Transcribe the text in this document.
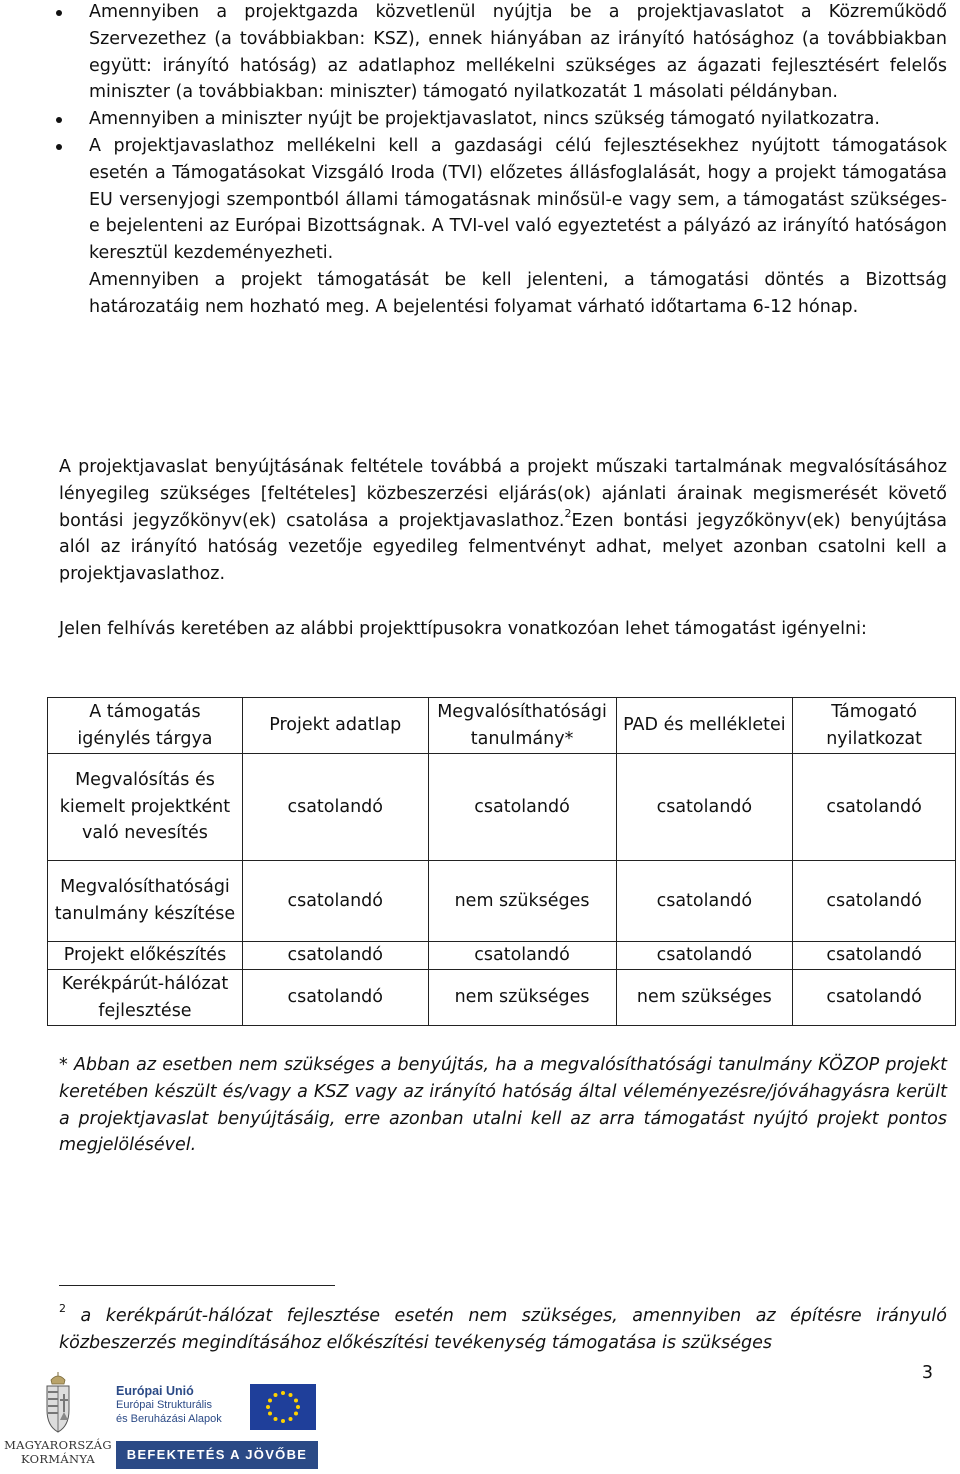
Amennyiben a projektgazda közvetlenül nyújtja be a projektjavaslatot a Közreműködő Szervezethez (a továbbiakban: KSZ), ennek hiányában az irányító hatósághoz (a továbbiakban együtt: irányító hatóság) az adatlaphoz mellékelni szükséges az ágazati fejlesztésért felelős miniszter (a továbbiakban: miniszter) támogató nyilatkozatát 1 másolati példányban.
Amennyiben a miniszter nyújt be projektjavaslatot, nincs szükség támogató nyilatkozatra.
A projektjavaslathoz mellékelni kell a gazdasági célú fejlesztésekhez nyújtott támogatások esetén a Támogatásokat Vizsgáló Iroda (TVI) előzetes állásfoglalását, hogy a projekt támogatása EU versenyjogi szempontból állami támogatásnak minősül-e vagy sem, a támogatást szükséges-e bejelenteni az Európai Bizottságnak. A TVI-vel való egyeztetést a pályázó az irányító hatóságon keresztül kezdeményezheti.
Amennyiben a projekt támogatását be kell jelenteni, a támogatási döntés a Bizottság határozatáig nem hozható meg. A bejelentési folyamat várható időtartama 6-12 hónap.

A projektjavaslat benyújtásának feltétele továbbá a projekt műszaki tartalmának megvalósításához lényegileg szükséges [feltételes] közbeszerzési eljárás(ok) ajánlati árainak megismerését követő bontási jegyzőkönyv(ek) csatolása a projektjavaslathoz.$^2$Ezen bontási jegyzőkönyv(ek) benyújtása alól az irányító hatóság vezetője egyedileg felmentvényt adhat, melyet azonban csatolni kell a projektjavaslathoz.

Jelen felhívás keretében az alábbi projekttípusokra vonatkozóan lehet támogatást igényelni:

A támogatás igénylés tárgya	Projekt adatlap	Megvalósíthatósági tanulmány*	PAD és mellékletei	Támogató nyilatkozat
Megvalósítás és kiemelt projektként való nevesítés	csatolandó	csatolandó	csatolandó	csatolandó
Megvalósíthatósági tanulmány készítése	csatolandó	nem szükséges	csatolandó	csatolandó
Projekt előkészítés	csatolandó	csatolandó	csatolandó	csatolandó
Kerékpárút-hálózat fejlesztése	csatolandó	nem szükséges	nem szükséges	csatolandó

* Abban az esetben nem szükséges a benyújtás, ha a megvalósíthatósági tanulmány KÖZOP projekt keretében készült és/vagy a KSZ vagy az irányító hatóság által véleményezésre/jóváhagyásra került a projektjavaslat benyújtásáig, erre azonban utalni kell az arra támogatást nyújtó projekt pontos megjelölésével.

$^2$ a kerékpárút-hálózat fejlesztése esetén nem szükséges, amennyiben az építésre irányuló közbeszerzés megindításához előkészítési tevékenység támogatása is szükséges

3
MAGYARORSZÁG
KORMÁNYA
Európai Unió
Európai Strukturális
és Beruházási Alapok
BEFEKTETÉS A JÖVŐBE
